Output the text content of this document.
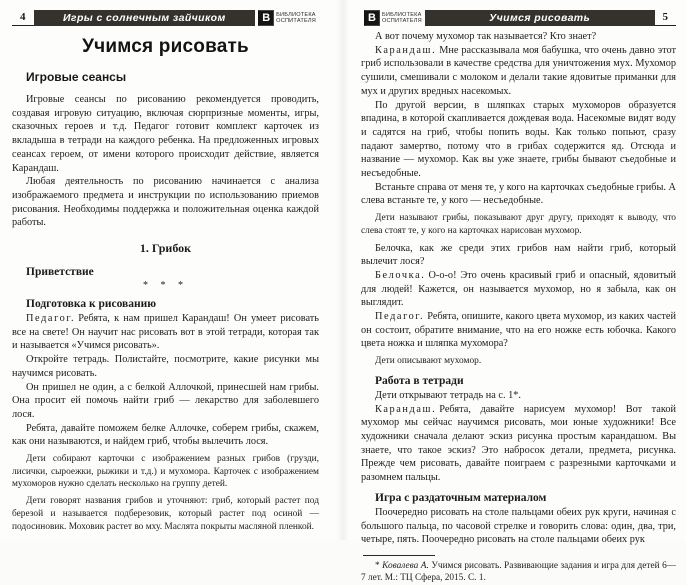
4	Игры с солнечным зайчиком	В	БИБЛИОТЕКА
ОСПИТАТЕЛЯ
Учимся рисовать
Игровые сеансы

Игровые сеансы по рисованию рекомендуется проводить, создавая игровую ситуацию, включая сюрпризные моменты, игры, сказочных героев и т.д. Педагог готовит комплект карточек из вкладыша в тетради на каждого ребенка. На предложенных игровых сеансах героем, от имени которого происходит действие, является Карандаш.

Любая деятельность по рисованию начинается с анализа изображаемого предмета и инструкции по использованию приемов рисования. Необходимы поддержка и положительная оценка каждой работы.

1. Грибок
Приветствие
* * *
Подготовка к рисованию

Педагог. Ребята, к нам пришел Карандаш! Он умеет рисовать все на свете! Он научит нас рисовать вот в этой тетради, которая так и называется «Учимся рисовать».

Откройте тетрадь. Полистайте, посмотрите, какие рисунки мы научимся рисовать.

Он пришел не один, а с белкой Аллочкой, принесшей нам грибы. Она просит ей помочь найти гриб — лекарство для заболевшего лося.

Ребята, давайте поможем белке Аллочке, соберем грибы, скажем, как они называются, и найдем гриб, чтобы вылечить лося.

Дети собирают карточки с изображением разных грибов (грузди, лисички, сыроежки, рыжики и т.д.) и мухомора. Карточек с изображением мухоморов нужно сделать несколько на группу детей.

Дети говорят названия грибов и уточняют: гриб, который растет под березой и называется подберезовик, который растет под осиной — подосиновик. Моховик растет во мху. Маслята покрыты масляной пленкой.

В	БИБЛИОТЕКА
ОСПИТАТЕЛЯ	Учимся рисовать	5

А вот почему мухомор так называется? Кто знает?

Карандаш. Мне рассказывала моя бабушка, что очень давно этот гриб использовали в качестве средства для уничтожения мух. Мухомор сушили, смешивали с молоком и делали такие ядовитые приманки для мух и других вредных насекомых.

По другой версии, в шляпках старых мухоморов образуется впадина, в которой скапливается дождевая вода. Насекомые видят воду и садятся на гриб, чтобы попить воды. Как только попьют, сразу падают замертво, потому что в грибах содержится яд. Отсюда и название — мухомор. Как вы уже знаете, грибы бывают съедобные и несъедобные.

Встаньте справа от меня те, у кого на карточках съедобные грибы. А слева встаньте те, у кого — несъедобные.

Дети называют грибы, показывают друг другу, приходят к выводу, что слева стоят те, у кого на карточках нарисован мухомор.

Белочка, как же среди этих грибов нам найти гриб, который вылечит лося?

Белочка. О-о-о! Это очень красивый гриб и опасный, ядовитый для людей! Кажется, он называется мухомор, но я забыла, как он выглядит.

Педагог. Ребята, опишите, какого цвета мухомор, из каких частей он состоит, обратите внимание, что на его ножке есть юбочка. Какого цвета ножка и шляпка мухомора?

Дети описывают мухомор.

Работа в тетради

Дети открывают тетрадь на с. 1*.

Карандаш. Ребята, давайте нарисуем мухомор! Вот такой мухомор мы сейчас научимся рисовать, мои юные художники! Все художники сначала делают эскиз рисунка простым карандашом. Вы знаете, что такое эскиз? Это набросок детали, предмета, рисунка. Прежде чем рисовать, давайте поиграем с разрезными карточками и разомнем пальцы.

Игра с раздаточным материалом

Поочередно рисовать на столе пальцами обеих рук круги, начиная с большого пальца, по часовой стрелке и говорить слова: один, два, три, четыре, пять. Поочередно рисовать на столе пальцами обеих рук

* Ковалева А. Учимся рисовать. Развивающие задания и игра для детей 6—7 лет. М.: ТЦ Сфера, 2015. С. 1.
